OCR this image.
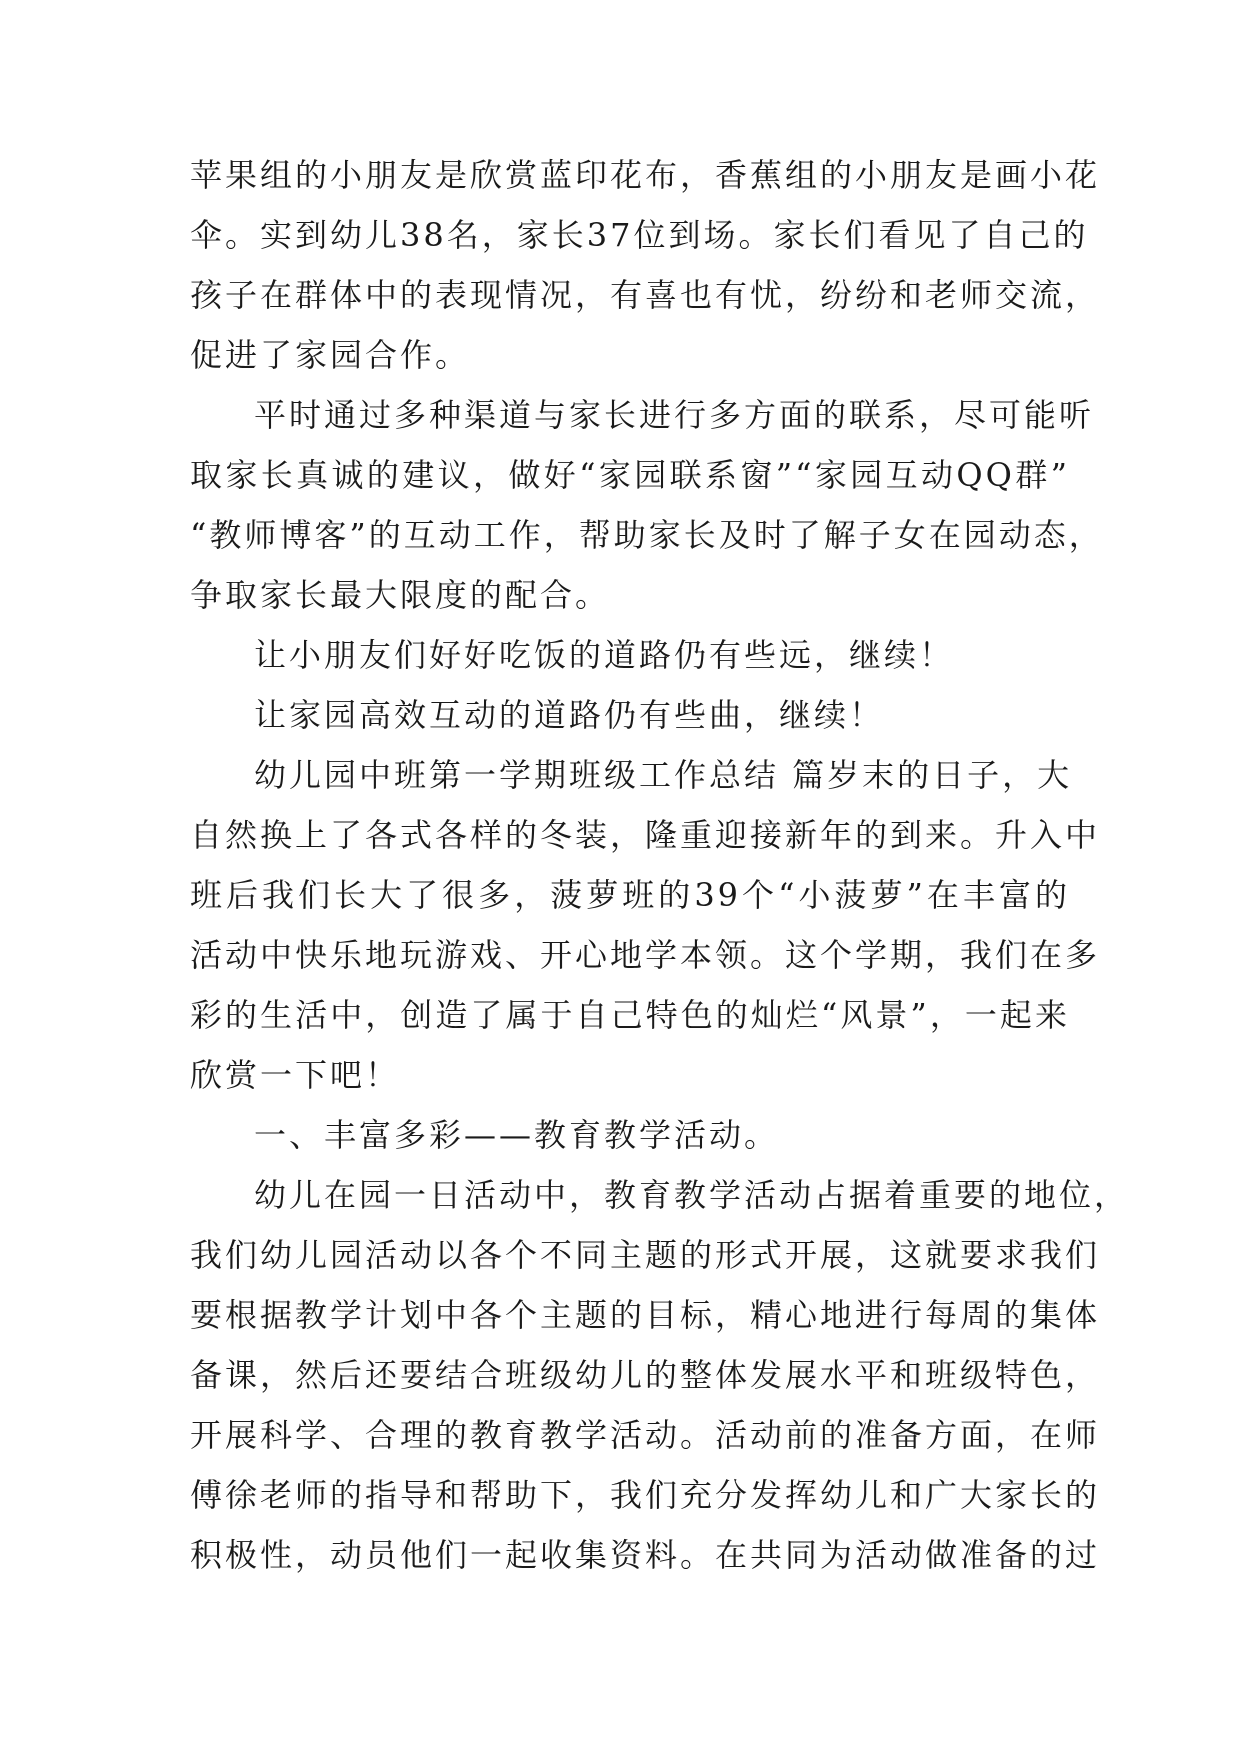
苹果组的小朋友是欣赏蓝印花布，香蕉组的小朋友是画小花
伞。实到幼儿38名，家长37位到场。家长们看见了自己的
孩子在群体中的表现情况，有喜也有忧，纷纷和老师交流，
促进了家园合作。
平时通过多种渠道与家长进行多方面的联系，尽可能听
取家长真诚的建议，做好“家园联系窗”“家园互动QQ群”
“教师博客”的互动工作，帮助家长及时了解子女在园动态，
争取家长最大限度的配合。
让小朋友们好好吃饭的道路仍有些远，继续！
让家园高效互动的道路仍有些曲，继续！
幼儿园中班第一学期班级工作总结 篇岁末的日子，大
自然换上了各式各样的冬装，隆重迎接新年的到来。升入中
班后我们长大了很多，菠萝班的39个“小菠萝”在丰富的
活动中快乐地玩游戏、开心地学本领。这个学期，我们在多
彩的生活中，创造了属于自己特色的灿烂“风景”，一起来
欣赏一下吧！
一、丰富多彩——教育教学活动。
幼儿在园一日活动中，教育教学活动占据着重要的地位，
我们幼儿园活动以各个不同主题的形式开展，这就要求我们
要根据教学计划中各个主题的目标，精心地进行每周的集体
备课，然后还要结合班级幼儿的整体发展水平和班级特色，
开展科学、合理的教育教学活动。活动前的准备方面，在师
傅徐老师的指导和帮助下，我们充分发挥幼儿和广大家长的
积极性，动员他们一起收集资料。在共同为活动做准备的过
